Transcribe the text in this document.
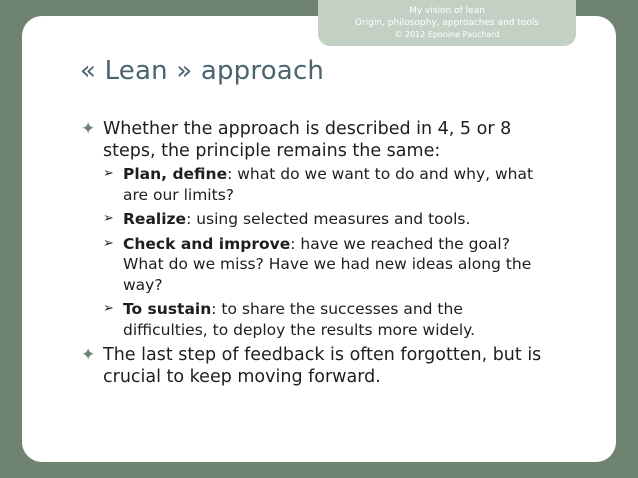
My vision of lean
Origin, philosophy, approaches and tools
© 2012 Eponine Pauchard
« Lean » approach
✦ Whether the approach is described in 4, 5 or 8 steps, the principle remains the same:
➢ Plan, define: what do we want to do and why, what are our limits?
➢ Realize: using selected measures and tools.
➢ Check and improve: have we reached the goal? What do we miss? Have we had new ideas along the way?
➢ To sustain: to share the successes and the difficulties, to deploy the results more widely.
✦ The last step of feedback is often forgotten, but is crucial to keep moving forward.
